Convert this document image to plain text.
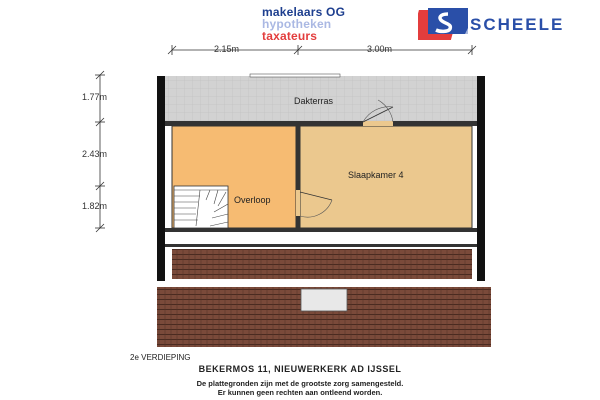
makelaars OG
hypotheken
taxateurs
SCHEELE
2.15m	3.00m
1.77m
2.43m
1.82m
Dakterras
Overloop
Slaapkamer 4
2e VERDIEPING
BEKERMOS 11, NIEUWERKERK AD IJSSEL
De plattegronden zijn met de grootste zorg samengesteld.
Er kunnen geen rechten aan ontleend worden.
